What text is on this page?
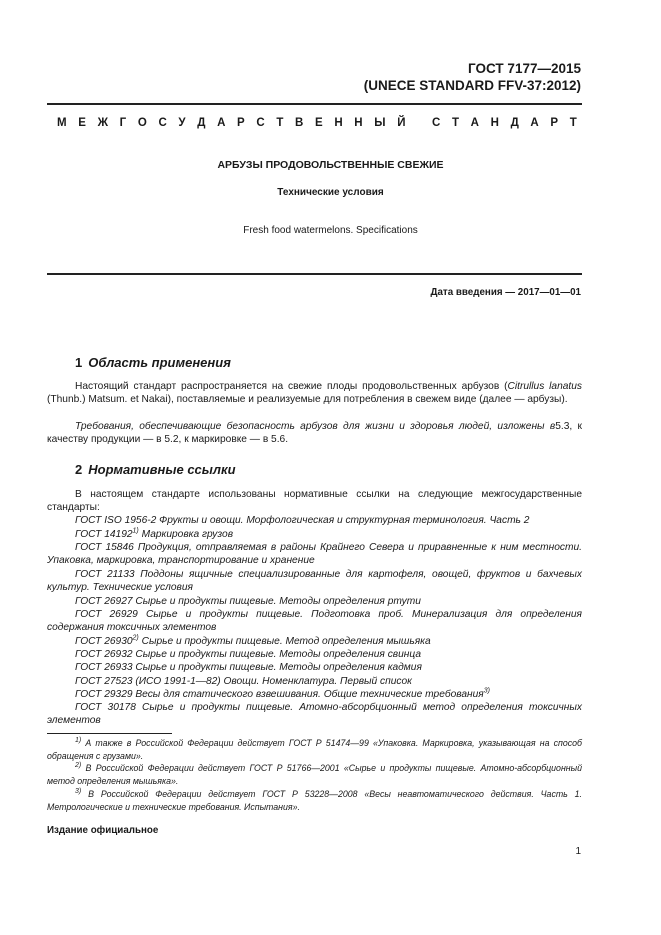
ГОСТ 7177—2015
(UNECE STANDARD FFV-37:2012)
М Е Ж Г О С У Д А Р С Т В Е Н Н Ы Й
С Т А Н Д А Р Т
АРБУЗЫ ПРОДОВОЛЬСТВЕННЫЕ СВЕЖИЕ
Технические условия
Fresh food watermelons. Specifications
Дата введения — 2017—01—01
1 Область применения
Настоящий стандарт распространяется на свежие плоды продовольственных арбузов (Citrullus lanatus (Thunb.) Matsum. et Nakai), поставляемые и реализуемые для потребления в свежем виде (далее — арбузы).
Требования, обеспечивающие безопасность арбузов для жизни и здоровья людей, изложены в5.3, к качеству продукции — в 5.2, к маркировке — в 5.6.
2 Нормативные ссылки
В настоящем стандарте использованы нормативные ссылки на следующие межгосударственные стандарты:
ГОСТ ISO 1956-2 Фрукты и овощи. Морфологическая и структурная терминология. Часть 2
ГОСТ 14192$^{1)}$ Маркировка грузов
ГОСТ 15846 Продукция, отправляемая в районы Крайнего Севера и приравненные к ним местности. Упаковка, маркировка, транспортирование и хранение
ГОСТ 21133 Поддоны ящичные специализированные для картофеля, овощей, фруктов и бахчевых культур. Технические условия
ГОСТ 26927 Сырье и продукты пищевые. Методы определения ртути
ГОСТ 26929 Сырье и продукты пищевые. Подготовка проб. Минерализация для определения содержания токсичных элементов
ГОСТ 26930$^{2)}$ Сырье и продукты пищевые. Метод определения мышьяка
ГОСТ 26932 Сырье и продукты пищевые. Методы определения свинца
ГОСТ 26933 Сырье и продукты пищевые. Методы определения кадмия
ГОСТ 27523 (ИСО 1991-1—82) Овощи. Номенклатура. Первый список
ГОСТ 29329 Весы для статического взвешивания. Общие технические требования$^{3)}$
ГОСТ 30178 Сырье и продукты пищевые. Атомно-абсорбционный метод определения токсичных элементов
$^{1)}$ А также в Российской Федерации действует ГОСТ Р 51474—99 «Упаковка. Маркировка, указывающая на способ обращения с грузами».
$^{2)}$ В Российской Федерации действует ГОСТ Р 51766—2001 «Сырье и продукты пищевые. Атомно-абсорбционный метод определения мышьяка».
$^{3)}$ В Российской Федерации действует ГОСТ Р 53228—2008 «Весы неавтоматического действия. Часть 1. Метрологические и технические требования. Испытания».
Издание официальное
1
